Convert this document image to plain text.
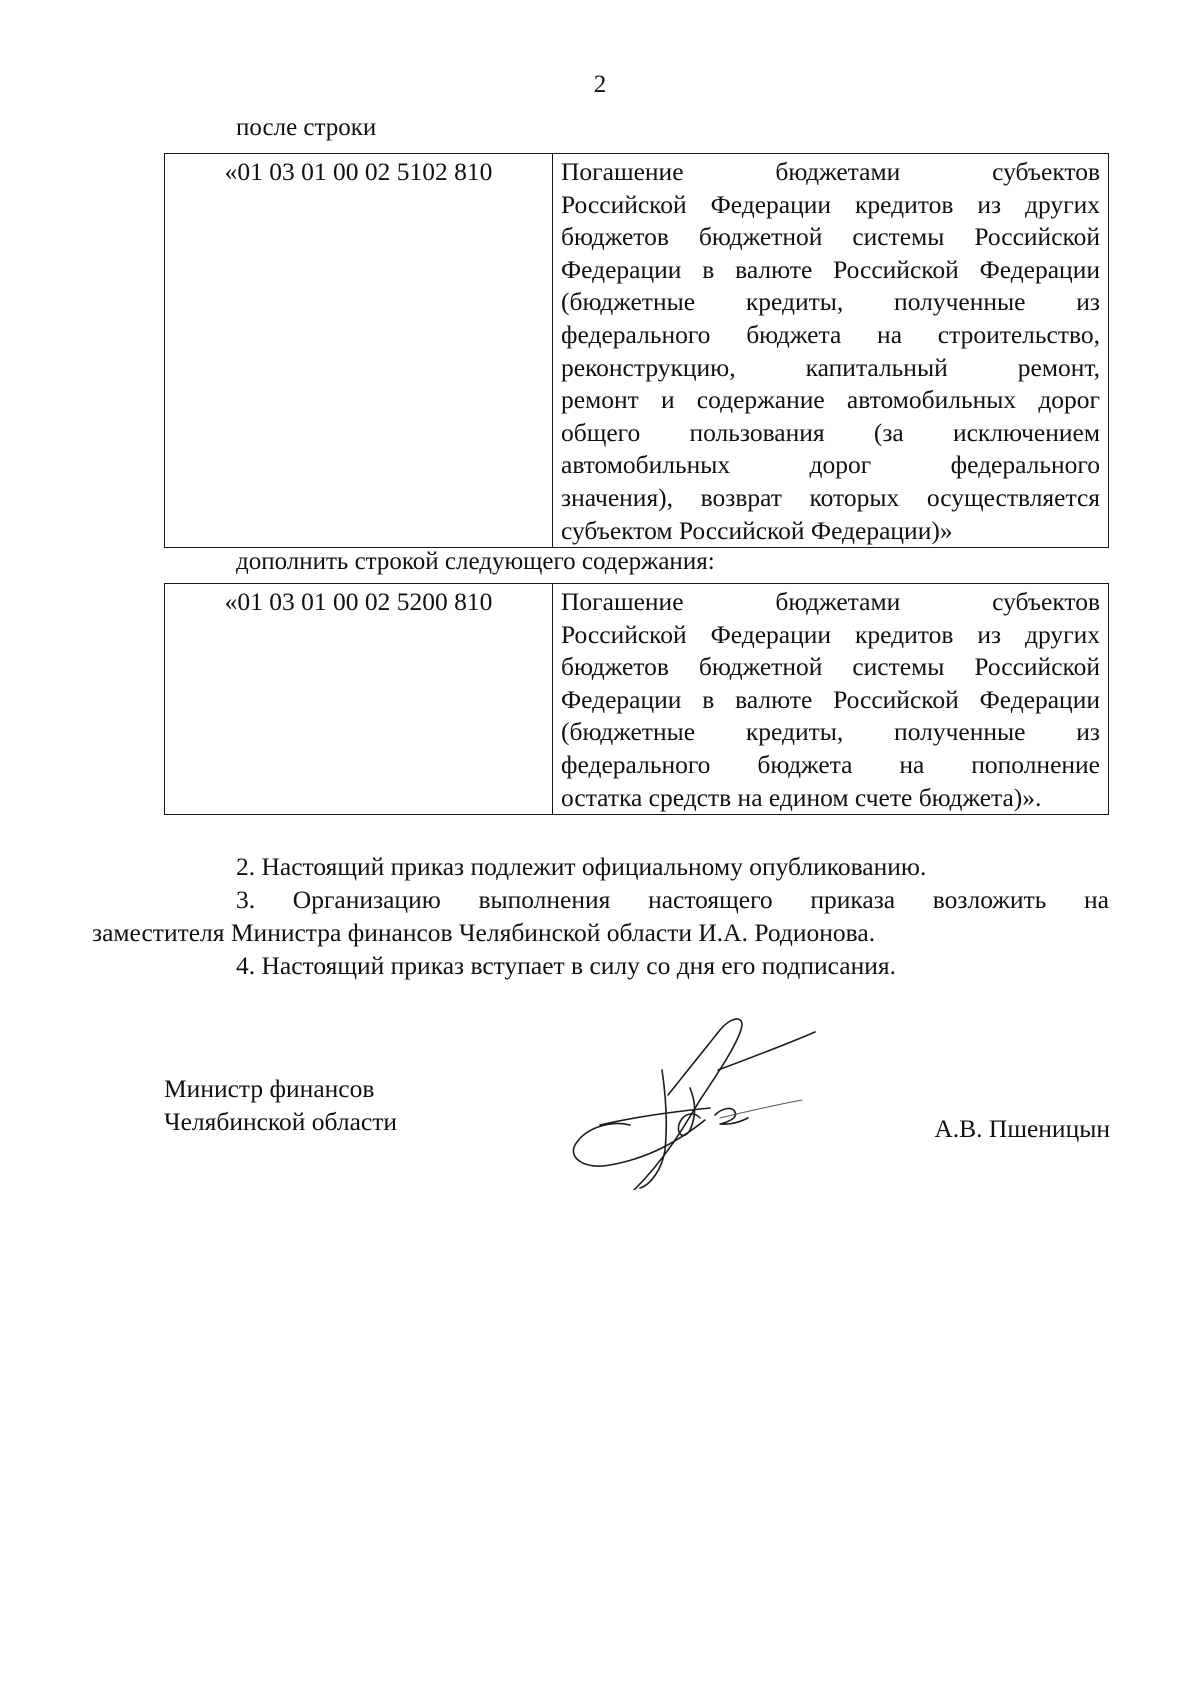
2
после строки
«01 03 01 00 02 5102 810	Погашение бюджетами субъектов
Российской Федерации кредитов из других
бюджетов бюджетной системы Российской
Федерации в валюте Российской Федерации
(бюджетные кредиты, полученные из
федерального бюджета на строительство,
реконструкцию, капитальный ремонт,
ремонт и содержание автомобильных дорог
общего пользования (за исключением
автомобильных дорог федерального
значения), возврат которых осуществляется
субъектом Российской Федерации)»
дополнить строкой следующего содержания:
«01 03 01 00 02 5200 810	Погашение бюджетами субъектов
Российской Федерации кредитов из других
бюджетов бюджетной системы Российской
Федерации в валюте Российской Федерации
(бюджетные кредиты, полученные из
федерального бюджета на пополнение
остатка средств на едином счете бюджета)».

2. Настоящий приказ подлежит официальному опубликованию.

3. Организацию выполнения настоящего приказа возложить на
заместителя Министра финансов Челябинской области И.А. Родионова.

4. Настоящий приказ вступает в силу со дня его подписания.

Министр финансов
Челябинской области	А.В. Пшеницын
